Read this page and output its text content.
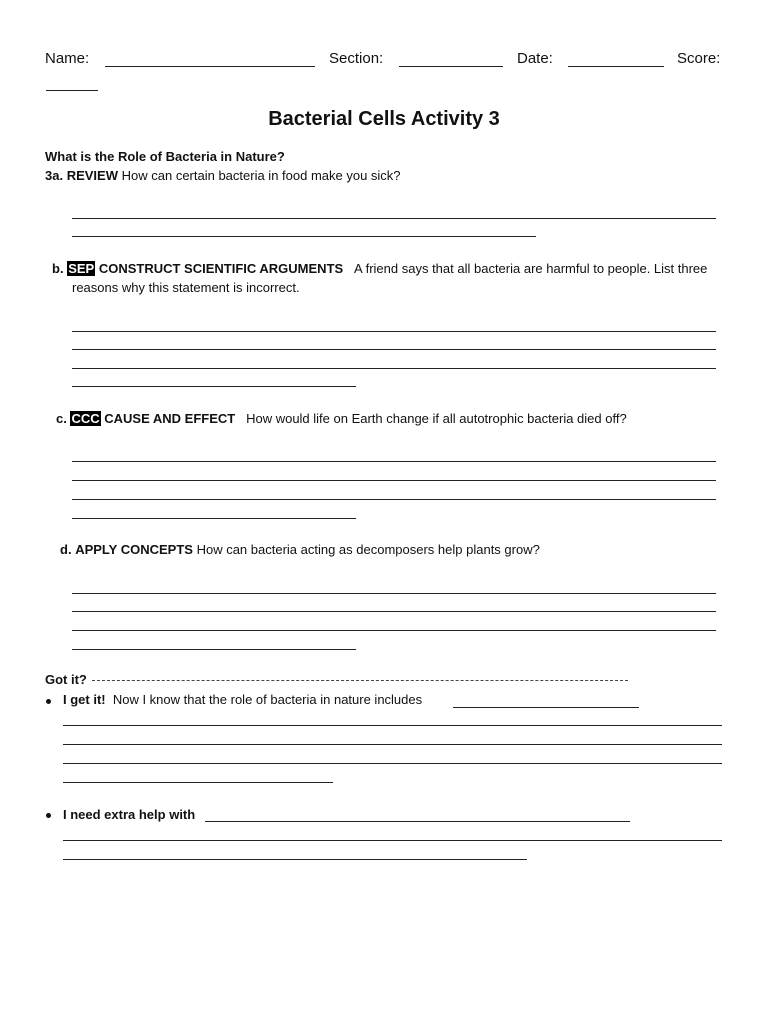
Name:	Section:	Date:	Score:
Bacterial Cells Activity 3
What is the Role of Bacteria in Nature?
3a. REVIEW How can certain bacteria in food make you sick?
b. SEP CONSTRUCT SCIENTIFIC ARGUMENTS A friend says that all bacteria are harmful to people. List three
reasons why this statement is incorrect.
c. CCC CAUSE AND EFFECT How would life on Earth change if all autotrophic bacteria died off?
d. APPLY CONCEPTS How can bacteria acting as decomposers help plants grow?
Got it?
I get it! Now I know that the role of bacteria in nature includes
I need extra help with
